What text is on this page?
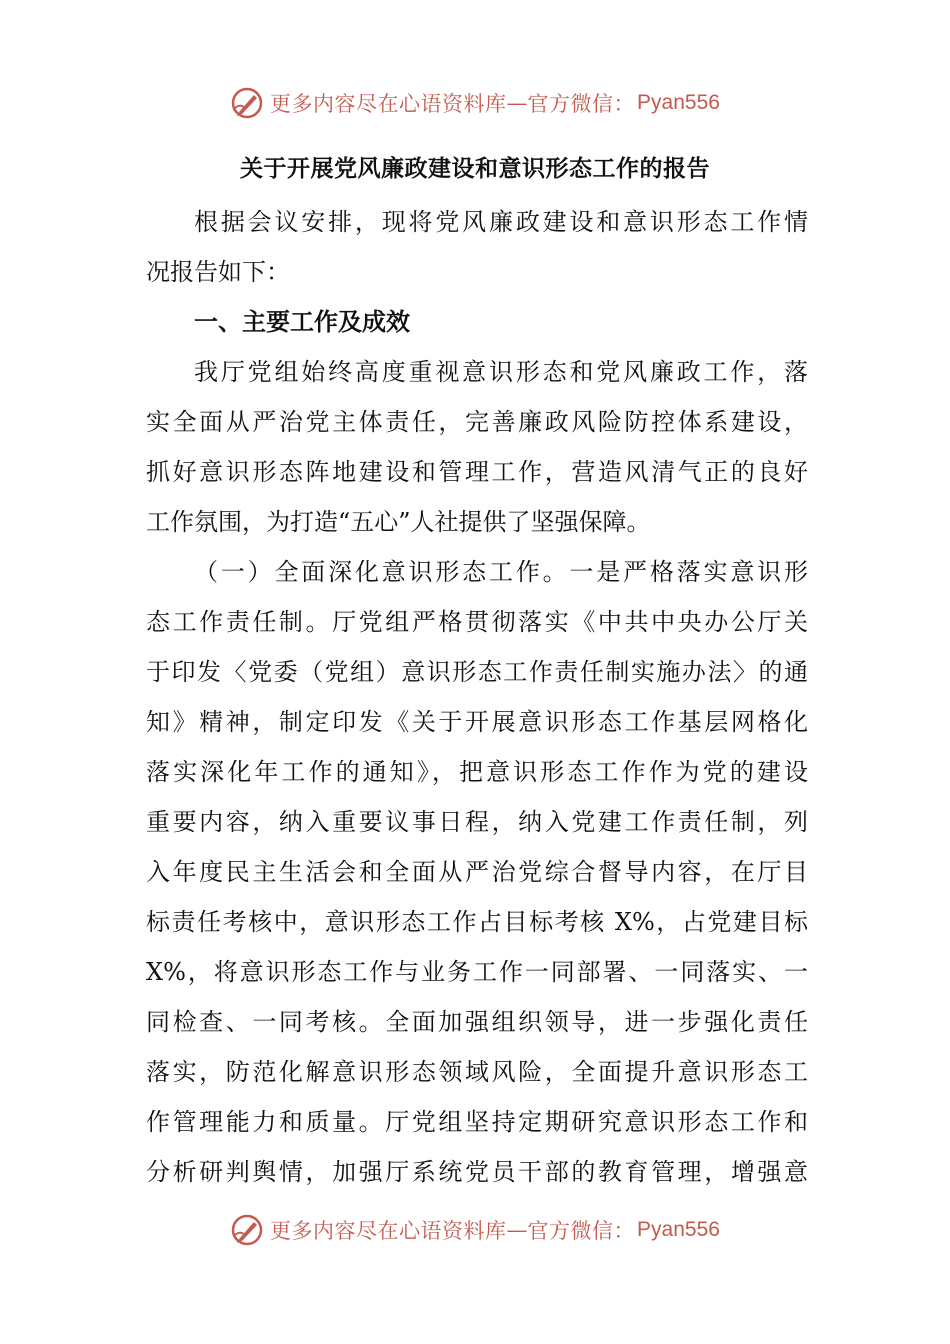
更多内容尽在心语资料库 — 官方微信： Pyan556
关于开展党风廉政建设和意识形态工作的报告
根据会议安排，现将党风廉政建设和意识形态工作情
况报告如下：
一、主要工作及成效
我厅党组始终高度重视意识形态和党风廉政工作，落
实全面从严治党主体责任，完善廉政风险防控体系建设，
抓好意识形态阵地建设和管理工作，营造风清气正的良好
工作氛围，为打造“五心”人社提供了坚强保障。
（一）全面深化意识形态工作。一是严格落实意识形
态工作责任制。厅党组严格贯彻落实《中共中央办公厅关
于印发〈党委（党组）意识形态工作责任制实施办法〉的通
知》精神，制定印发《关于开展意识形态工作基层网格化
落实深化年工作的通知》，把意识形态工作作为党的建设
重要内容，纳入重要议事日程，纳入党建工作责任制，列
入年度民主生活会和全面从严治党综合督导内容，在厅目
标责任考核中，意识形态工作占目标考核 X%，占党建目标
X%，将意识形态工作与业务工作一同部署、一同落实、一
同检查、一同考核。全面加强组织领导，进一步强化责任
落实，防范化解意识形态领域风险，全面提升意识形态工
作管理能力和质量。厅党组坚持定期研究意识形态工作和
分析研判舆情，加强厅系统党员干部的教育管理，增强意
更多内容尽在心语资料库 — 官方微信： Pyan556
